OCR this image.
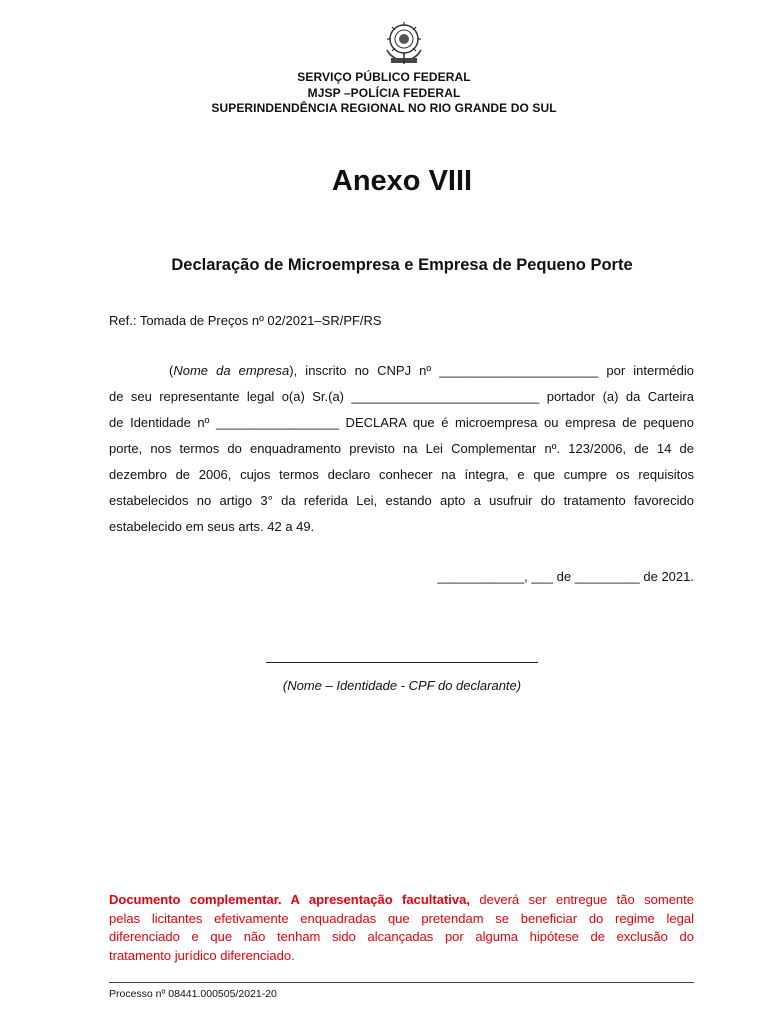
SERVIÇO PÚBLICO FEDERAL
MJSP –POLÍCIA FEDERAL
SUPERINDENDÊNCIA REGIONAL NO RIO GRANDE DO SUL
Anexo VIII
Declaração de Microempresa e Empresa de Pequeno Porte
Ref.: Tomada de Preços nº 02/2021–SR/PF/RS
(Nome da empresa), inscrito no CNPJ nº ______________________ por intermédio
de seu representante legal o(a) Sr.(a) __________________________ portador (a) da Carteira
de Identidade nº _________________ DECLARA que é microempresa ou empresa de pequeno
porte, nos termos do enquadramento previsto na Lei Complementar nº. 123/2006, de 14 de
dezembro de 2006, cujos termos declaro conhecer na íntegra, e que cumpre os requisitos
estabelecidos no artigo 3° da referida Lei, estando apto a usufruir do tratamento favorecido
estabelecido em seus arts. 42 a 49.
____________, ___ de _________ de 2021.
(Nome – Identidade - CPF do declarante)
Documento complementar. A apresentação facultativa, deverá ser entregue tão somente
pelas licitantes efetivamente enquadradas que pretendam se beneficiar do regime legal
diferenciado e que não tenham sido alcançadas por alguma hipótese de exclusão do
tratamento jurídico diferenciado.
Processo nº 08441.000505/2021-20
